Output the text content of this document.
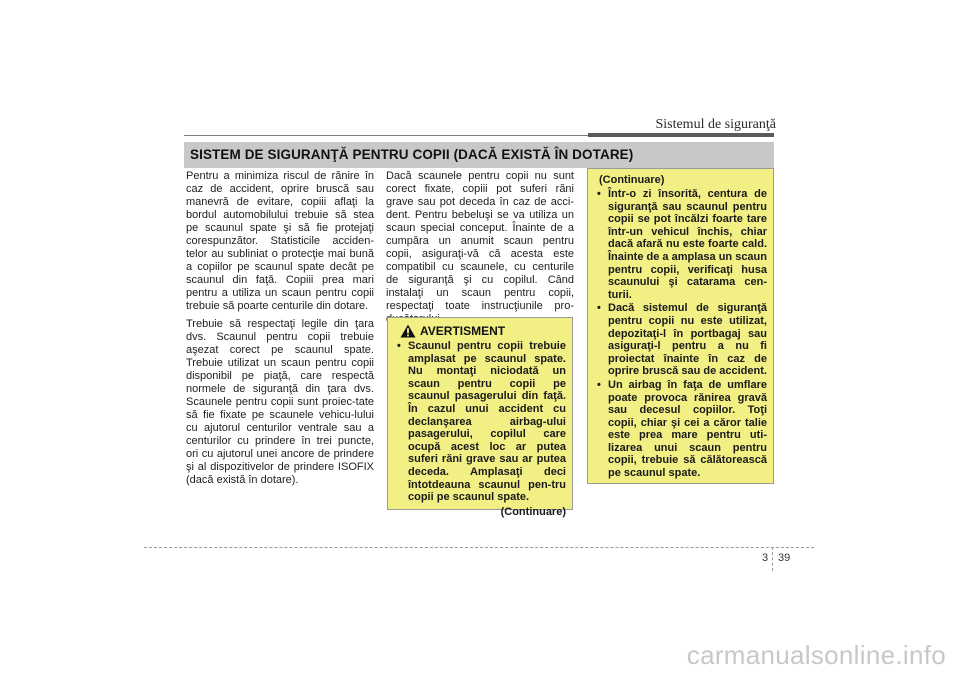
Sistemul de siguranţă
SISTEM DE SIGURANŢĂ PENTRU COPII (DACĂ EXISTĂ ÎN DOTARE)

Pentru a minimiza riscul de rănire în caz de accident, oprire bruscă sau manevră de evitare, copiii aflaţi la bordul automobilului trebuie să stea pe scaunul spate şi să fie protejaţi corespunzător. Statisticile acciden-telor au subliniat o protecţie mai bună a copiilor pe scaunul spate decât pe scaunul din faţă. Copiii prea mari pentru a utiliza un scaun pentru copii trebuie să poarte centurile din dotare.

Trebuie să respectaţi legile din ţara dvs. Scaunul pentru copii trebuie aşezat corect pe scaunul spate. Trebuie utilizat un scaun pentru copii disponibil pe piaţă, care respectă normele de siguranţă din ţara dvs. Scaunele pentru copii sunt proiec-tate să fie fixate pe scaunele vehicu-lului cu ajutorul centurilor ventrale sau a centurilor cu prindere în trei puncte, ori cu ajutorul unei ancore de prindere şi al dispozitivelor de prindere ISOFIX (dacă există în dotare).

Dacă scaunele pentru copii nu sunt corect fixate, copiii pot suferi răni grave sau pot deceda în caz de acci-dent. Pentru bebeluşi se va utiliza un scaun special conceput. Înainte de a cumpăra un anumit scaun pentru copii, asiguraţi-vă că acesta este compatibil cu scaunele, cu centurile de siguranţă şi cu copilul. Când instalaţi un scaun pentru copii, respectaţi toate instrucţiunile pro-

AVERTISMENT
• Scaunul pentru copii trebuie amplasat pe scaunul spate. Nu montaţi niciodată un scaun pentru copii pe scaunul pasagerului din faţă. În cazul unui accident cu declanşarea airbag-ului pasagerului, copilul care ocupă acest loc ar putea suferi răni grave sau ar putea deceda. Amplasaţi deci întotdeauna scaunul pen-tru copii pe scaunul spate.
(Continuare)
(Continuare)
• Într-o zi însorită, centura de siguranţă sau scaunul pentru copii se pot încălzi foarte tare într-un vehicul închis, chiar dacă afară nu este foarte cald. Înainte de a amplasa un scaun pentru copii, verificaţi husa scaunului şi catarama cen-turii.
• Dacă sistemul de siguranţă pentru copii nu este utilizat, depozitaţi-l în portbagaj sau asiguraţi-l pentru a nu fi proiectat înainte în caz de oprire bruscă sau de accident.
• Un airbag în faţa de umflare poate provoca rănirea gravă sau decesul copiilor. Toţi copii, chiar şi cei a căror talie este prea mare pentru uti-lizarea unui scaun pentru copii, trebuie să călătorească pe scaunul spate.
3 39
carmanualsonline.info
